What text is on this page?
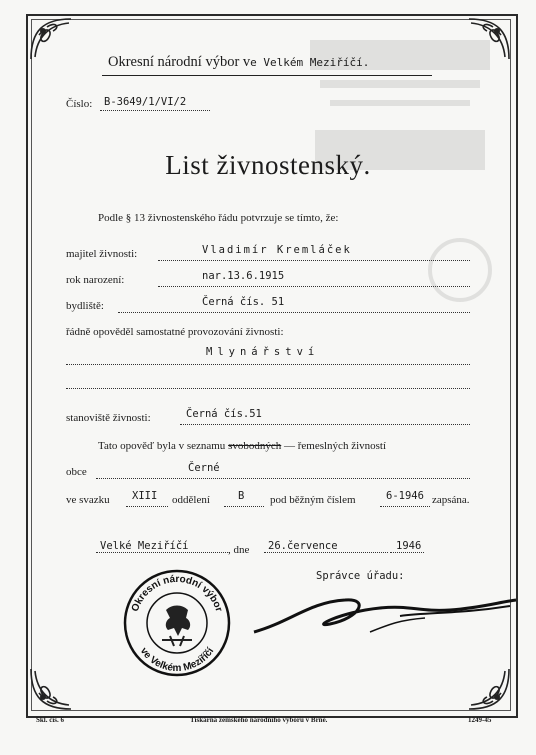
Okresní národní výbor ve Velkém Meziříčí.
Číslo: B-3649/1/VI/2
List živnostenský.
Podle § 13 živnostenského řádu potvrzuje se tímto, že:
majitel živnosti:	Vladimír Kremláček
rok narození:	nar.13.6.1915
bydliště:	Černá čís. 51
řádně opověděl samostatné provozování živnosti:
Mlynářství
stanoviště živnosti:	Černá čís.51
Tato opověď byla v seznamu svobodných — řemeslných živností
obce	Černé
ve svazku XIII oddělení	B pod běžným číslem	6-1946 zapsána.
Velké Meziříčí	, dne 26.července	1946
Správce úřadu:
Okresní národní výbor
ve Velkém Meziříčí
Skl. čís. 6	Tiskárna zemského národního výboru v Brně.	1249-45
